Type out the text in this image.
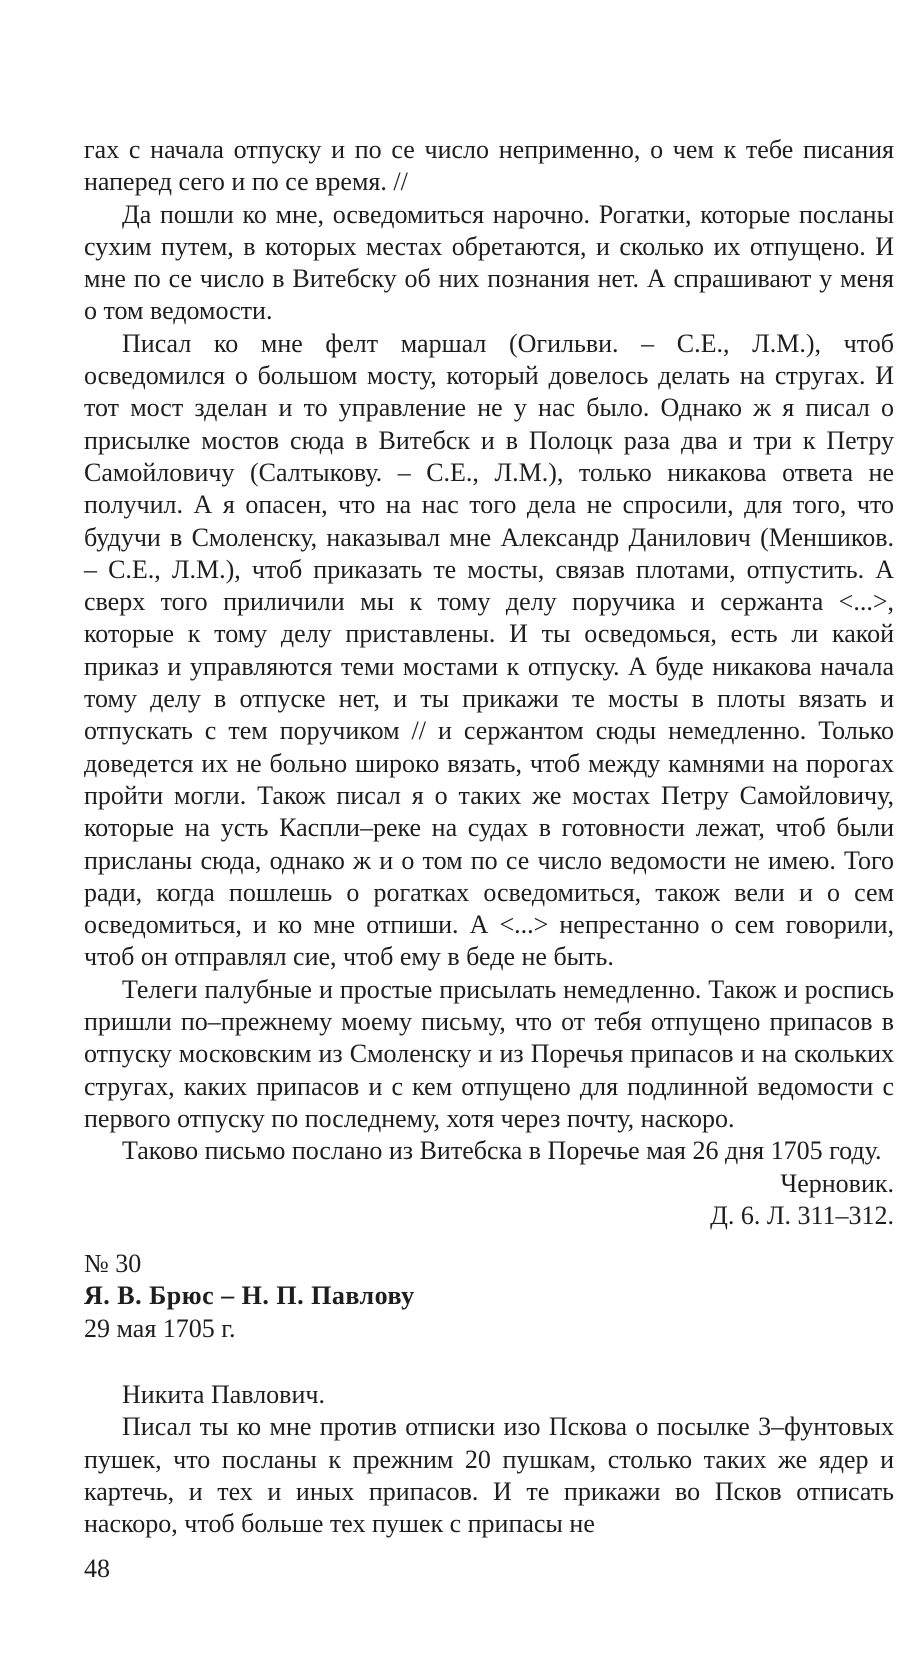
гах с начала отпуску и по се число неприменно, о чем к тебе писания наперед сего и по се время. //

Да пошли ко мне, осведомиться нарочно. Рогатки, которые посланы сухим путем, в которых местах обретаются, и сколько их отпущено. И мне по се число в Витебску об них познания нет. А спрашивают у меня о том ведомости.

Писал ко мне фелт маршал (Огильви. – С.Е., Л.М.), чтоб осведомился о большом мосту, который довелось делать на стругах. И тот мост зделан и то управление не у нас было. Однако ж я писал о присылке мостов сюда в Витебск и в Полоцк раза два и три к Петру Самойловичу (Салтыкову. – С.Е., Л.М.), только никакова ответа не получил. А я опасен, что на нас того дела не спросили, для того, что будучи в Смоленску, наказывал мне Александр Данилович (Меншиков. – С.Е., Л.М.), чтоб приказать те мосты, связав плотами, отпустить. А сверх того приличили мы к тому делу поручика и сержанта <...>, которые к тому делу приставлены. И ты осведомься, есть ли какой приказ и управляются теми мостами к отпуску. А буде никакова начала тому делу в отпуске нет, и ты прикажи те мосты в плоты вязать и отпускать с тем поручиком // и сержантом сюды немедленно. Только доведется их не больно широко вязать, чтоб между камнями на порогах пройти могли. Також писал я о таких же мостах Петру Самойловичу, которые на усть Каспли–реке на судах в готовности лежат, чтоб были присланы сюда, однако ж и о том по се число ведомости не имею. Того ради, когда пошлешь о рогатках осведомиться, також вели и о сем осведомиться, и ко мне отпиши. А <...> непрестанно о сем говорили, чтоб он отправлял сие, чтоб ему в беде не быть.

Телеги палубные и простые присылать немедленно. Також и роспись пришли по–прежнему моему письму, что от тебя отпущено припасов в отпуску московским из Смоленску и из Поречья припасов и на скольких стругах, каких припасов и с кем отпущено для подлинной ведомости с первого отпуску по последнему, хотя через почту, наскоро.

Таково письмо послано из Витебска в Поречье мая 26 дня 1705 году.

Черновик.

Д. 6. Л. 311–312.

№ 30

Я. В. Брюс – Н. П. Павлову

29 мая 1705 г.

Никита Павлович.

Писал ты ко мне против отписки изо Пскова о посылке 3–фунтовых пушек, что посланы к прежним 20 пушкам, столько таких же ядер и картечь, и тех и иных припасов. И те прикажи во Псков отписать наскоро, чтоб больше тех пушек с припасы не

48
